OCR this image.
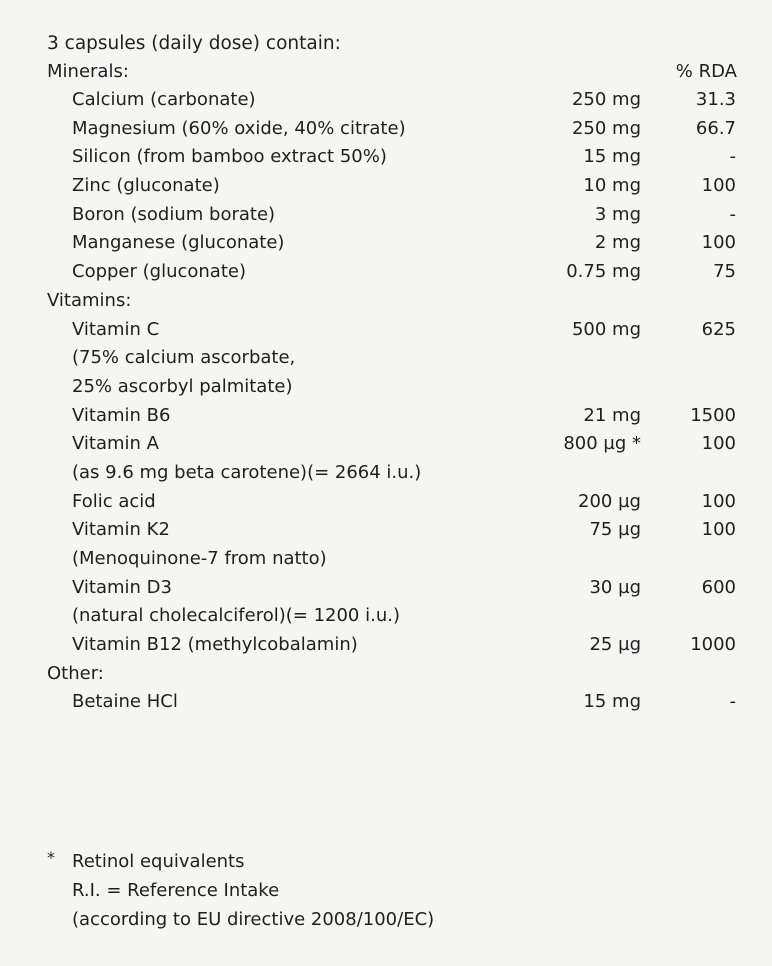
3 capsules (daily dose) contain:
Minerals:	% RDA
Calcium (carbonate)	250 mg	31.3
Magnesium (60% oxide, 40% citrate)	250 mg	66.7
Silicon (from bamboo extract 50%)	15 mg	-
Zinc (gluconate)	10 mg	100
Boron (sodium borate)	3 mg	-
Manganese (gluconate)	2 mg	100
Copper (gluconate)	0.75 mg	75
Vitamins:
Vitamin C	500 mg	625
(75% calcium ascorbate,
25% ascorbyl palmitate)
Vitamin B6	21 mg	1500
Vitamin A	800 µg *	100
(as 9.6 mg beta carotene)(= 2664 i.u.)
Folic acid	200 µg	100
Vitamin K2	75 µg	100
(Menoquinone-7 from natto)
Vitamin D3	30 µg	600
(natural cholecalciferol)(= 1200 i.u.)
Vitamin B12 (methylcobalamin)	25 µg	1000
Other:
Betaine HCl	15 mg	-
* Retinol equivalents
R.I. = Reference Intake
(according to EU directive 2008/100/EC)
